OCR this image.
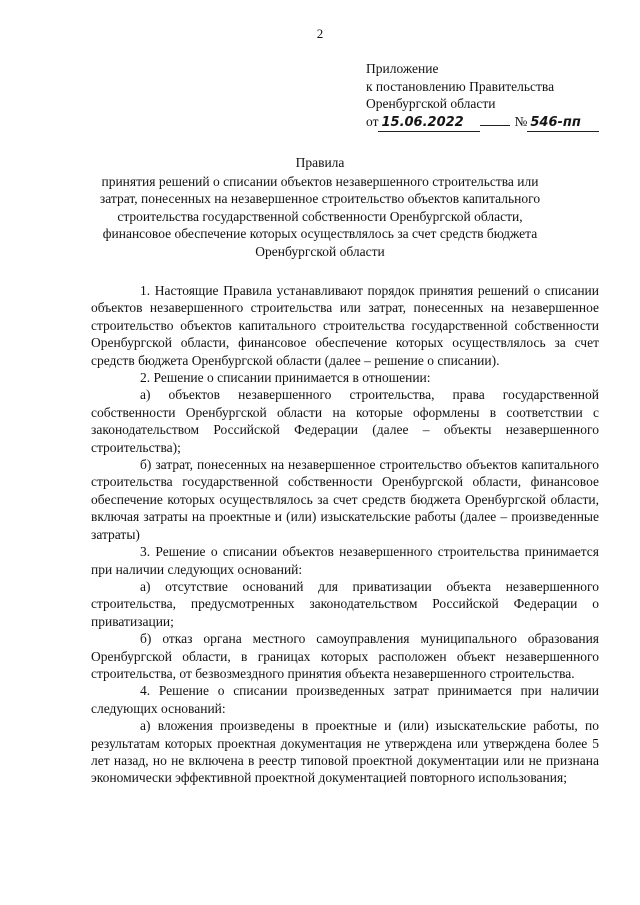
2
Приложение
к постановлению Правительства
Оренбургской области
от 15.06.2022	№ 546-пп
Правила
принятия решений о списании объектов незавершенного строительства или затрат, понесенных на незавершенное строительство объектов капитального строительства государственной собственности Оренбургской области, финансовое обеспечение которых осуществлялось за счет средств бюджета Оренбургской области

1. Настоящие Правила устанавливают порядок принятия решений о списании объектов незавершенного строительства или затрат, понесенных на незавершенное строительство объектов капитального строительства государственной собственности Оренбургской области, финансовое обеспечение которых осуществлялось за счет средств бюджета Оренбургской области (далее – решение о списании).

2. Решение о списании принимается в отношении:

а) объектов незавершенного строительства, права государственной собственности Оренбургской области на которые оформлены в соответствии с законодательством Российской Федерации (далее – объекты незавершенного строительства);

б) затрат, понесенных на незавершенное строительство объектов капитального строительства государственной собственности Оренбургской области, финансовое обеспечение которых осуществлялось за счет средств бюджета Оренбургской области, включая затраты на проектные и (или) изыскательские работы (далее – произведенные затраты)

3. Решение о списании объектов незавершенного строительства принимается при наличии следующих оснований:

а) отсутствие оснований для приватизации объекта незавершенного строительства, предусмотренных законодательством Российской Федерации о приватизации;

б) отказ органа местного самоуправления муниципального образования Оренбургской области, в границах которых расположен объект незавершенного строительства, от безвозмездного принятия объекта незавершенного строительства.

4. Решение о списании произведенных затрат принимается при наличии следующих оснований:

а) вложения произведены в проектные и (или) изыскательские работы, по результатам которых проектная документация не утверждена или утверждена более 5 лет назад, но не включена в реестр типовой проектной документации или не признана экономически эффективной проектной документацией повторного использования;
